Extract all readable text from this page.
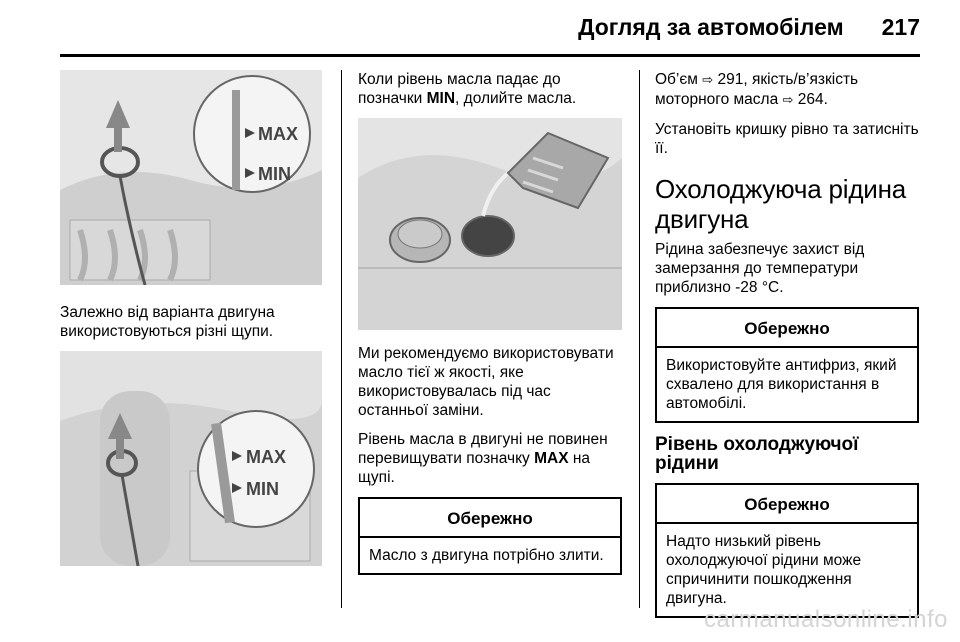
Догляд за автомобілем 217
MAX
MIN

Залежно від варіанта двигуна використовуються різні щупи.

MAX
MIN

Коли рівень масла падає до позначки MIN, долийте масла.

Ми рекомендуємо використовувати масло тієї ж якості, яке використовувалась під час останньої заміни.

Рівень масла в двигуні не повинен перевищувати позначку MAX на щупі.

Обережно
Масло з двигуна потрібно злити.

Об’єм ⇨ 291, якість/в’язкість моторного масла ⇨ 264.

Установіть кришку рівно та затисніть її.

Охолоджуюча рідина двигуна

Рідина забезпечує захист від замерзання до температури приблизно -28 °C.

Обережно
Використовуйте антифриз, який схвалено для використання в автомобілі.
Рівень охолоджуючої рідини
Обережно
Надто низький рівень охолоджуючої рідини може спричинити пошкодження двигуна.
carmanualsonline.info
